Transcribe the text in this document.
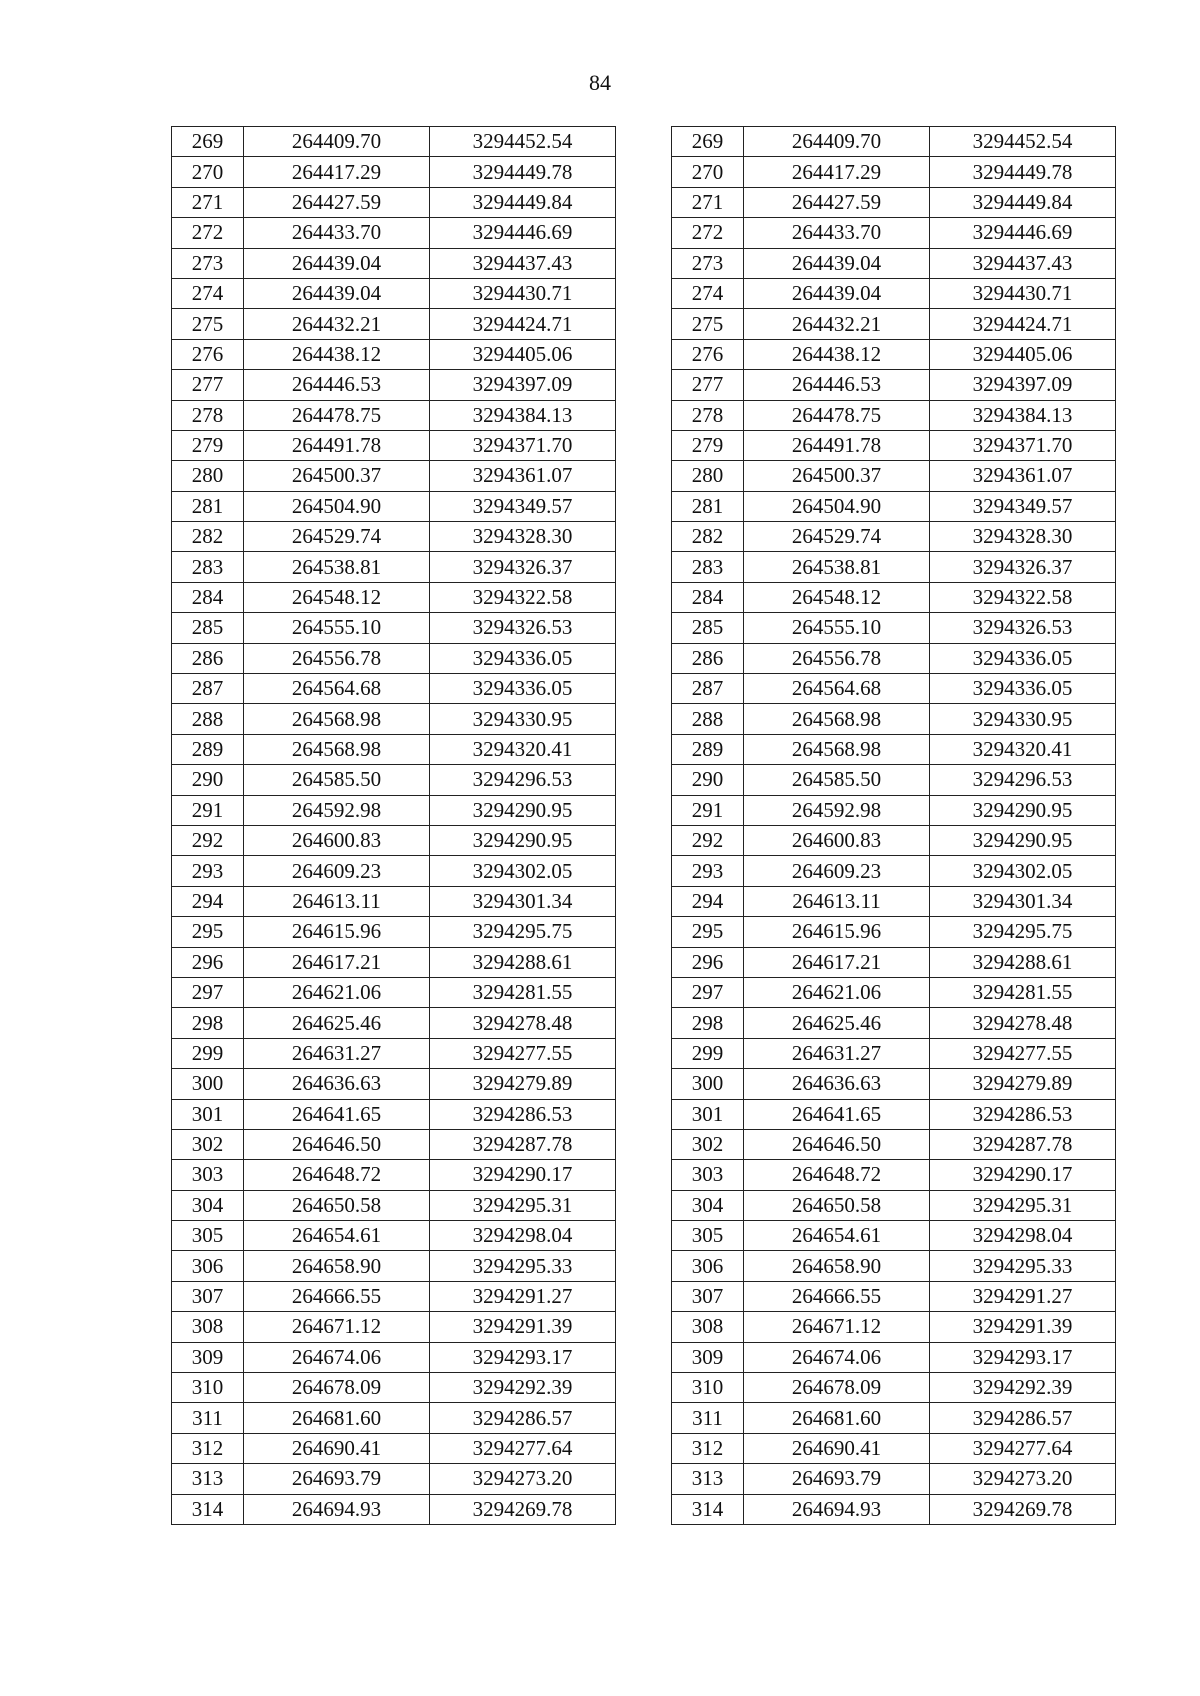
84
269	264409.70	3294452.54		269	264409.70	3294452.54
270	264417.29	3294449.78		270	264417.29	3294449.78
271	264427.59	3294449.84		271	264427.59	3294449.84
272	264433.70	3294446.69		272	264433.70	3294446.69
273	264439.04	3294437.43		273	264439.04	3294437.43
274	264439.04	3294430.71		274	264439.04	3294430.71
275	264432.21	3294424.71		275	264432.21	3294424.71
276	264438.12	3294405.06		276	264438.12	3294405.06
277	264446.53	3294397.09		277	264446.53	3294397.09
278	264478.75	3294384.13		278	264478.75	3294384.13
279	264491.78	3294371.70		279	264491.78	3294371.70
280	264500.37	3294361.07		280	264500.37	3294361.07
281	264504.90	3294349.57		281	264504.90	3294349.57
282	264529.74	3294328.30		282	264529.74	3294328.30
283	264538.81	3294326.37		283	264538.81	3294326.37
284	264548.12	3294322.58		284	264548.12	3294322.58
285	264555.10	3294326.53		285	264555.10	3294326.53
286	264556.78	3294336.05		286	264556.78	3294336.05
287	264564.68	3294336.05		287	264564.68	3294336.05
288	264568.98	3294330.95		288	264568.98	3294330.95
289	264568.98	3294320.41		289	264568.98	3294320.41
290	264585.50	3294296.53		290	264585.50	3294296.53
291	264592.98	3294290.95		291	264592.98	3294290.95
292	264600.83	3294290.95		292	264600.83	3294290.95
293	264609.23	3294302.05		293	264609.23	3294302.05
294	264613.11	3294301.34		294	264613.11	3294301.34
295	264615.96	3294295.75		295	264615.96	3294295.75
296	264617.21	3294288.61		296	264617.21	3294288.61
297	264621.06	3294281.55		297	264621.06	3294281.55
298	264625.46	3294278.48		298	264625.46	3294278.48
299	264631.27	3294277.55		299	264631.27	3294277.55
300	264636.63	3294279.89		300	264636.63	3294279.89
301	264641.65	3294286.53		301	264641.65	3294286.53
302	264646.50	3294287.78		302	264646.50	3294287.78
303	264648.72	3294290.17		303	264648.72	3294290.17
304	264650.58	3294295.31		304	264650.58	3294295.31
305	264654.61	3294298.04		305	264654.61	3294298.04
306	264658.90	3294295.33		306	264658.90	3294295.33
307	264666.55	3294291.27		307	264666.55	3294291.27
308	264671.12	3294291.39		308	264671.12	3294291.39
309	264674.06	3294293.17		309	264674.06	3294293.17
310	264678.09	3294292.39		310	264678.09	3294292.39
311	264681.60	3294286.57		311	264681.60	3294286.57
312	264690.41	3294277.64		312	264690.41	3294277.64
313	264693.79	3294273.20		313	264693.79	3294273.20
314	264694.93	3294269.78		314	264694.93	3294269.78
